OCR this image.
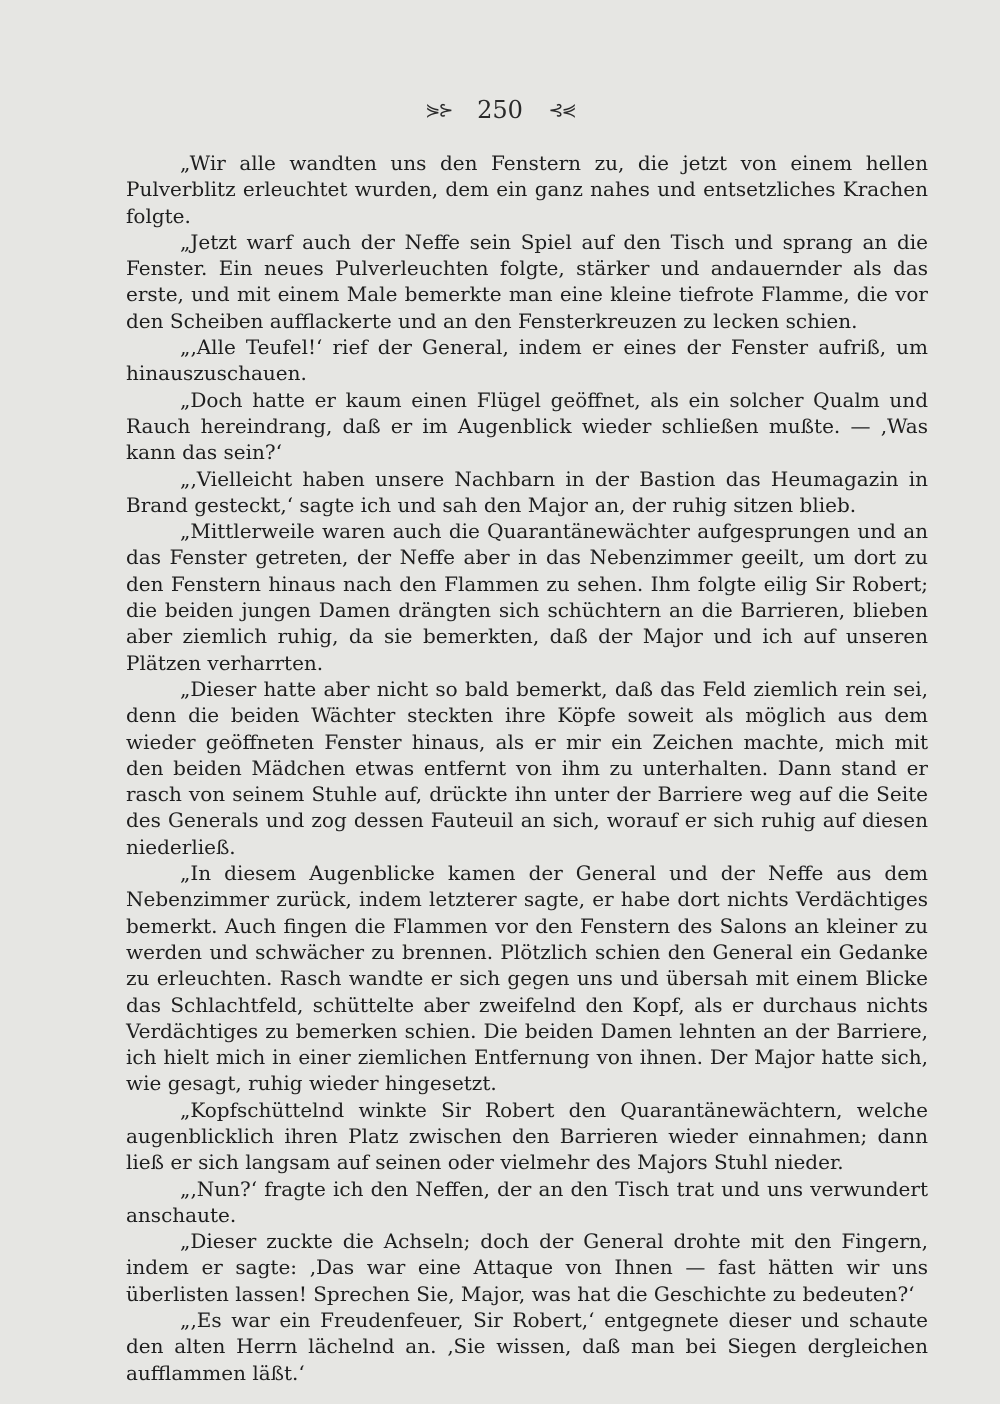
⋟⊱ 250 ⊰⋞

„Wir alle wandten uns den Fenstern zu, die jetzt von einem hellen Pulverblitz erleuchtet wurden, dem ein ganz nahes und entsetzliches Krachen folgte.

„Jetzt warf auch der Neffe sein Spiel auf den Tisch und sprang an die Fenster. Ein neues Pulverleuchten folgte, stärker und andauernder als das erste, und mit einem Male bemerkte man eine kleine tiefrote Flamme, die vor den Scheiben aufflackerte und an den Fensterkreuzen zu lecken schien.

„‚Alle Teufel!‘ rief der General, indem er eines der Fenster aufriß, um hinauszuschauen.

„Doch hatte er kaum einen Flügel geöffnet, als ein solcher Qualm und Rauch hereindrang, daß er im Augenblick wieder schließen mußte. — ‚Was kann das sein?‘

„‚Vielleicht haben unsere Nachbarn in der Bastion das Heumagazin in Brand gesteckt,‘ sagte ich und sah den Major an, der ruhig sitzen blieb.

„Mittlerweile waren auch die Quarantänewächter aufgesprungen und an das Fenster getreten, der Neffe aber in das Nebenzimmer geeilt, um dort zu den Fenstern hinaus nach den Flammen zu sehen. Ihm folgte eilig Sir Robert; die beiden jungen Damen drängten sich schüchtern an die Barrieren, blieben aber ziemlich ruhig, da sie bemerkten, daß der Major und ich auf unseren Plätzen verharrten.

„Dieser hatte aber nicht so bald bemerkt, daß das Feld ziemlich rein sei, denn die beiden Wächter steckten ihre Köpfe soweit als möglich aus dem wieder geöffneten Fenster hinaus, als er mir ein Zeichen machte, mich mit den beiden Mädchen etwas entfernt von ihm zu unterhalten. Dann stand er rasch von seinem Stuhle auf, drückte ihn unter der Barriere weg auf die Seite des Generals und zog dessen Fauteuil an sich, worauf er sich ruhig auf diesen niederließ.

„In diesem Augenblicke kamen der General und der Neffe aus dem Nebenzimmer zurück, indem letzterer sagte, er habe dort nichts Verdächtiges bemerkt. Auch fingen die Flammen vor den Fenstern des Salons an kleiner zu werden und schwächer zu brennen. Plötzlich schien den General ein Gedanke zu erleuchten. Rasch wandte er sich gegen uns und übersah mit einem Blicke das Schlachtfeld, schüttelte aber zweifelnd den Kopf, als er durchaus nichts Verdächtiges zu bemerken schien. Die beiden Damen lehnten an der Barriere, ich hielt mich in einer ziemlichen Entfernung von ihnen. Der Major hatte sich, wie gesagt, ruhig wieder hingesetzt.

„Kopfschüttelnd winkte Sir Robert den Quarantänewächtern, welche augenblicklich ihren Platz zwischen den Barrieren wieder einnahmen; dann ließ er sich langsam auf seinen oder vielmehr des Majors Stuhl nieder.

„‚Nun?‘ fragte ich den Neffen, der an den Tisch trat und uns verwundert anschaute.

„Dieser zuckte die Achseln; doch der General drohte mit den Fingern, indem er sagte: ‚Das war eine Attaque von Ihnen — fast hätten wir uns überlisten lassen! Sprechen Sie, Major, was hat die Geschichte zu bedeuten?‘

„‚Es war ein Freudenfeuer, Sir Robert,‘ entgegnete dieser und schaute den alten Herrn lächelnd an. ‚Sie wissen, daß man bei Siegen dergleichen aufflammen läßt.‘
